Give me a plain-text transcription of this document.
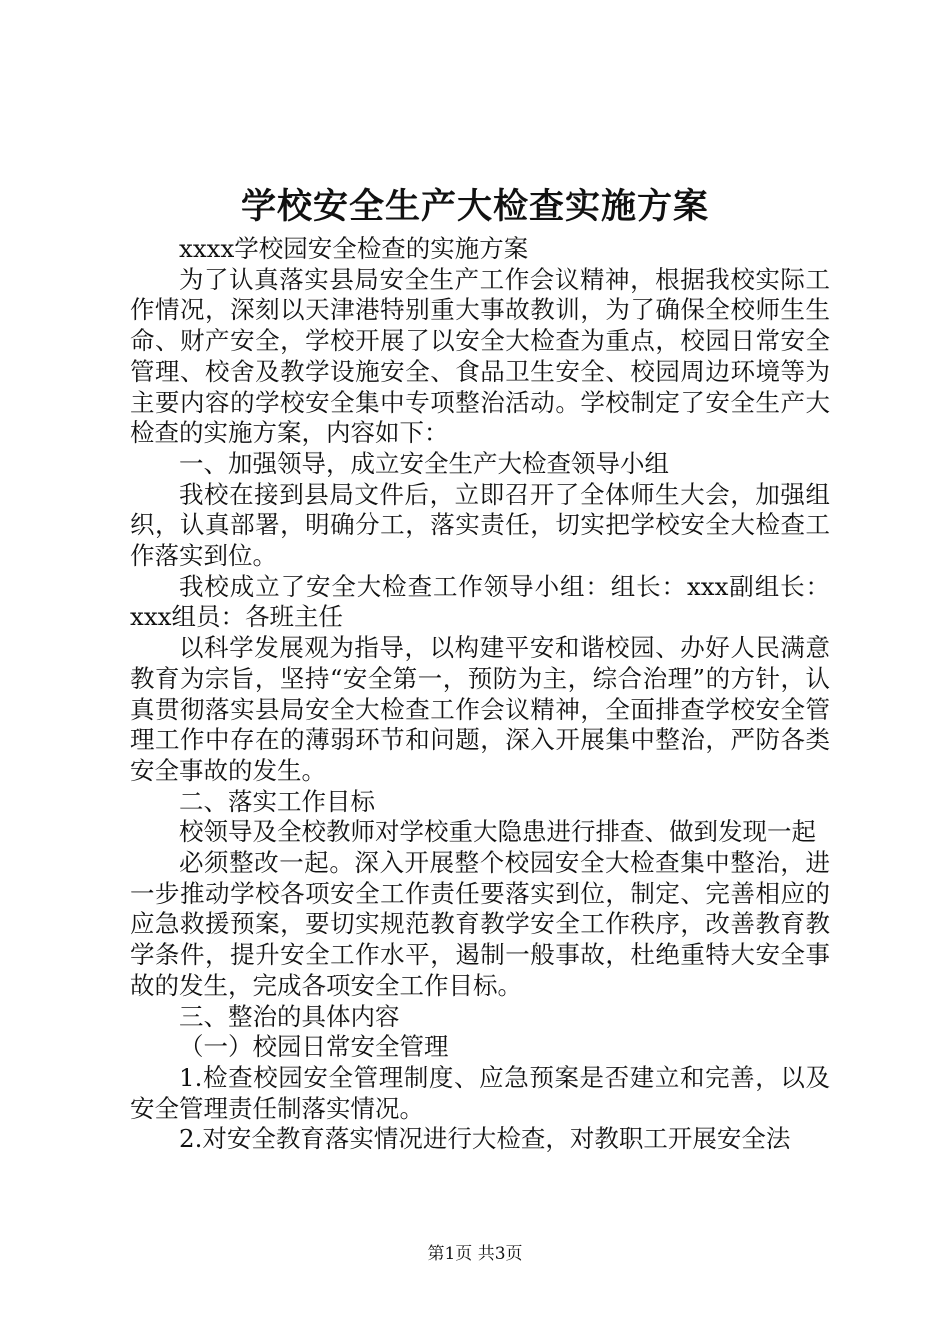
学校安全生产大检查实施方案

xxxx学校园安全检查的实施方案

为了认真落实县局安全生产工作会议精神，根据我校实际工作情况，深刻以天津港特别重大事故教训，为了确保全校师生生命、财产安全，学校开展了以安全大检查为重点，校园日常安全管理、校舍及教学设施安全、食品卫生安全、校园周边环境等为主要内容的学校安全集中专项整治活动。学校制定了安全生产大检查的实施方案，内容如下：

一、加强领导，成立安全生产大检查领导小组

我校在接到县局文件后，立即召开了全体师生大会，加强组织，认真部署，明确分工，落实责任，切实把学校安全大检查工作落实到位。

我校成立了安全大检查工作领导小组：组长：xxx副组长：xxx组员：各班主任

以科学发展观为指导，以构建平安和谐校园、办好人民满意教育为宗旨，坚持“安全第一，预防为主，综合治理”的方针，认真贯彻落实县局安全大检查工作会议精神，全面排查学校安全管理工作中存在的薄弱环节和问题，深入开展集中整治，严防各类安全事故的发生。

二、落实工作目标

校领导及全校教师对学校重大隐患进行排查、做到发现一起

必须整改一起。深入开展整个校园安全大检查集中整治，进一步推动学校各项安全工作责任要落实到位，制定、完善相应的应急救援预案，要切实规范教育教学安全工作秩序，改善教育教学条件，提升安全工作水平，遏制一般事故，杜绝重特大安全事故的发生，完成各项安全工作目标。

三、整治的具体内容

（一）校园日常安全管理

1.检查校园安全管理制度、应急预案是否建立和完善，以及安全管理责任制落实情况。

2.对安全教育落实情况进行大检查，对教职工开展安全法

第1页 共3页
